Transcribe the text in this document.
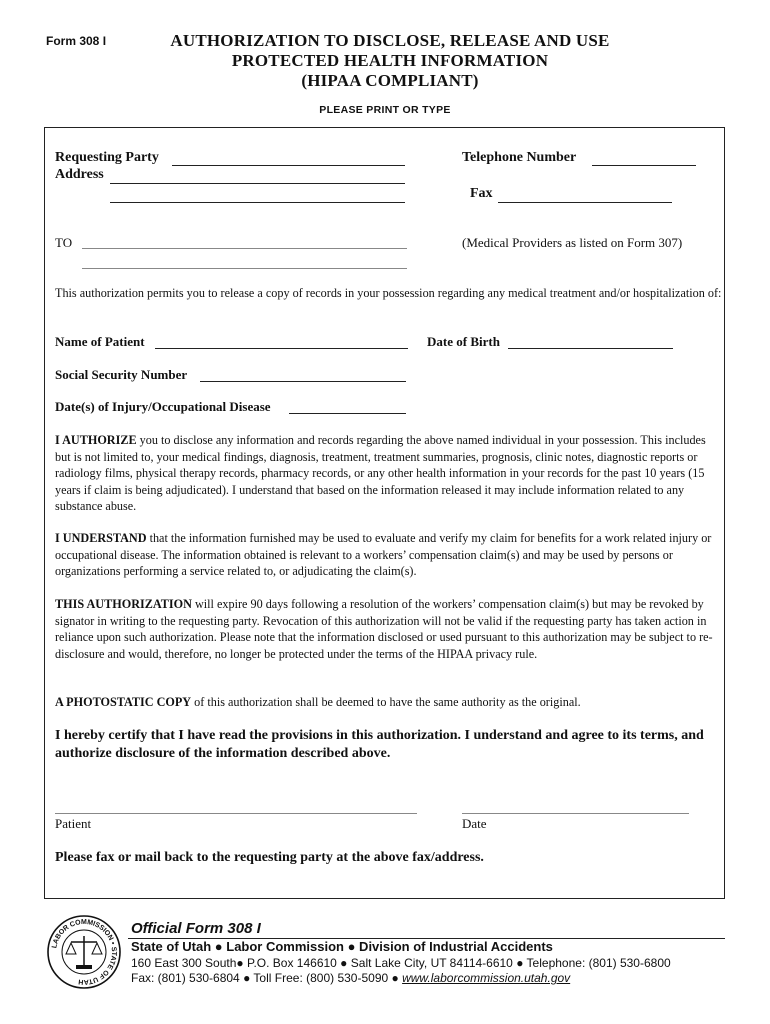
Form 308 I	AUTHORIZATION TO DISCLOSE, RELEASE AND USE
PROTECTED HEALTH INFORMATION
(HIPAA COMPLIANT)
PLEASE PRINT OR TYPE
Requesting Party
Address
Telephone Number
Fax
TO	(Medical Providers as listed on Form 307)
This authorization permits you to release a copy of records in your possession regarding any medical treatment and/or hospitalization of:
Name of Patient	Date of Birth
Social Security Number
Date(s) of Injury/Occupational Disease
I AUTHORIZE you to disclose any information and records regarding the above named individual in your possession. This includes but is not limited to, your medical findings, diagnosis, treatment, treatment summaries, prognosis, clinic notes, diagnostic reports or radiology films, physical therapy records, pharmacy records, or any other health information in your records for the past 10 years (15 years if claim is being adjudicated). I understand that based on the information released it may include information related to any substance abuse.
I UNDERSTAND that the information furnished may be used to evaluate and verify my claim for benefits for a work related injury or occupational disease. The information obtained is relevant to a workers’ compensation claim(s) and may be used by persons or organizations performing a service related to, or adjudicating the claim(s).
THIS AUTHORIZATION will expire 90 days following a resolution of the workers’ compensation claim(s) but may be revoked by signator in writing to the requesting party. Revocation of this authorization will not be valid if the requesting party has taken action in reliance upon such authorization. Please note that the information disclosed or used pursuant to this authorization may be subject to re-disclosure and would, therefore, no longer be protected under the terms of the HIPAA privacy rule.
A PHOTOSTATIC COPY of this authorization shall be deemed to have the same authority as the original.
I hereby certify that I have read the provisions in this authorization. I understand and agree to its terms, and authorize disclosure of the information described above.
Patient	Date
Please fax or mail back to the requesting party at the above fax/address.
LABOR COMMISSION • STATE OF UTAH
Official Form 308 I
State of Utah ● Labor Commission ● Division of Industrial Accidents
160 East 300 South● P.O. Box 146610 ● Salt Lake City, UT 84114-6610 ● Telephone: (801) 530-6800
Fax: (801) 530-6804 ● Toll Free: (800) 530-5090 ● www.laborcommission.utah.gov
